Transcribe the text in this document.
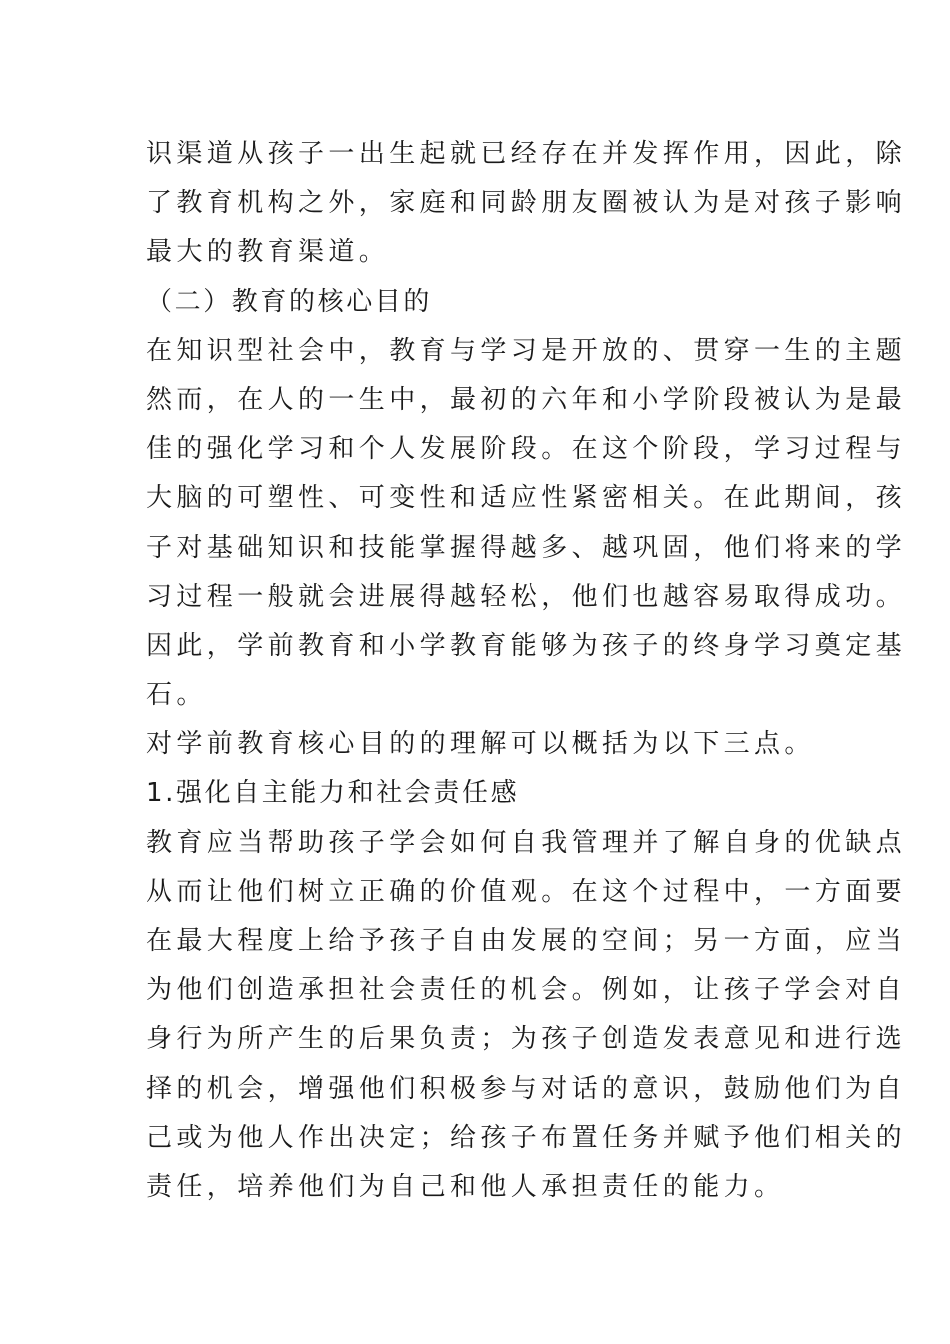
识渠道从孩子一出生起就已经存在并发挥作用，因此，除
了教育机构之外，家庭和同龄朋友圈被认为是对孩子影响
最大的教育渠道。
（二）教育的核心目的
在知识型社会中，教育与学习是开放的、贯穿一生的主题
然而，在人的一生中，最初的六年和小学阶段被认为是最
佳的强化学习和个人发展阶段。在这个阶段，学习过程与
大脑的可塑性、可变性和适应性紧密相关。在此期间，孩
子对基础知识和技能掌握得越多、越巩固，他们将来的学
习过程一般就会进展得越轻松，他们也越容易取得成功。
因此，学前教育和小学教育能够为孩子的终身学习奠定基
石。
对学前教育核心目的的理解可以概括为以下三点。
1.强化自主能力和社会责任感
教育应当帮助孩子学会如何自我管理并了解自身的优缺点
从而让他们树立正确的价值观。在这个过程中，一方面要
在最大程度上给予孩子自由发展的空间；另一方面，应当
为他们创造承担社会责任的机会。例如，让孩子学会对自
身行为所产生的后果负责；为孩子创造发表意见和进行选
择的机会，增强他们积极参与对话的意识，鼓励他们为自
己或为他人作出决定；给孩子布置任务并赋予他们相关的
责任，培养他们为自己和他人承担责任的能力。
